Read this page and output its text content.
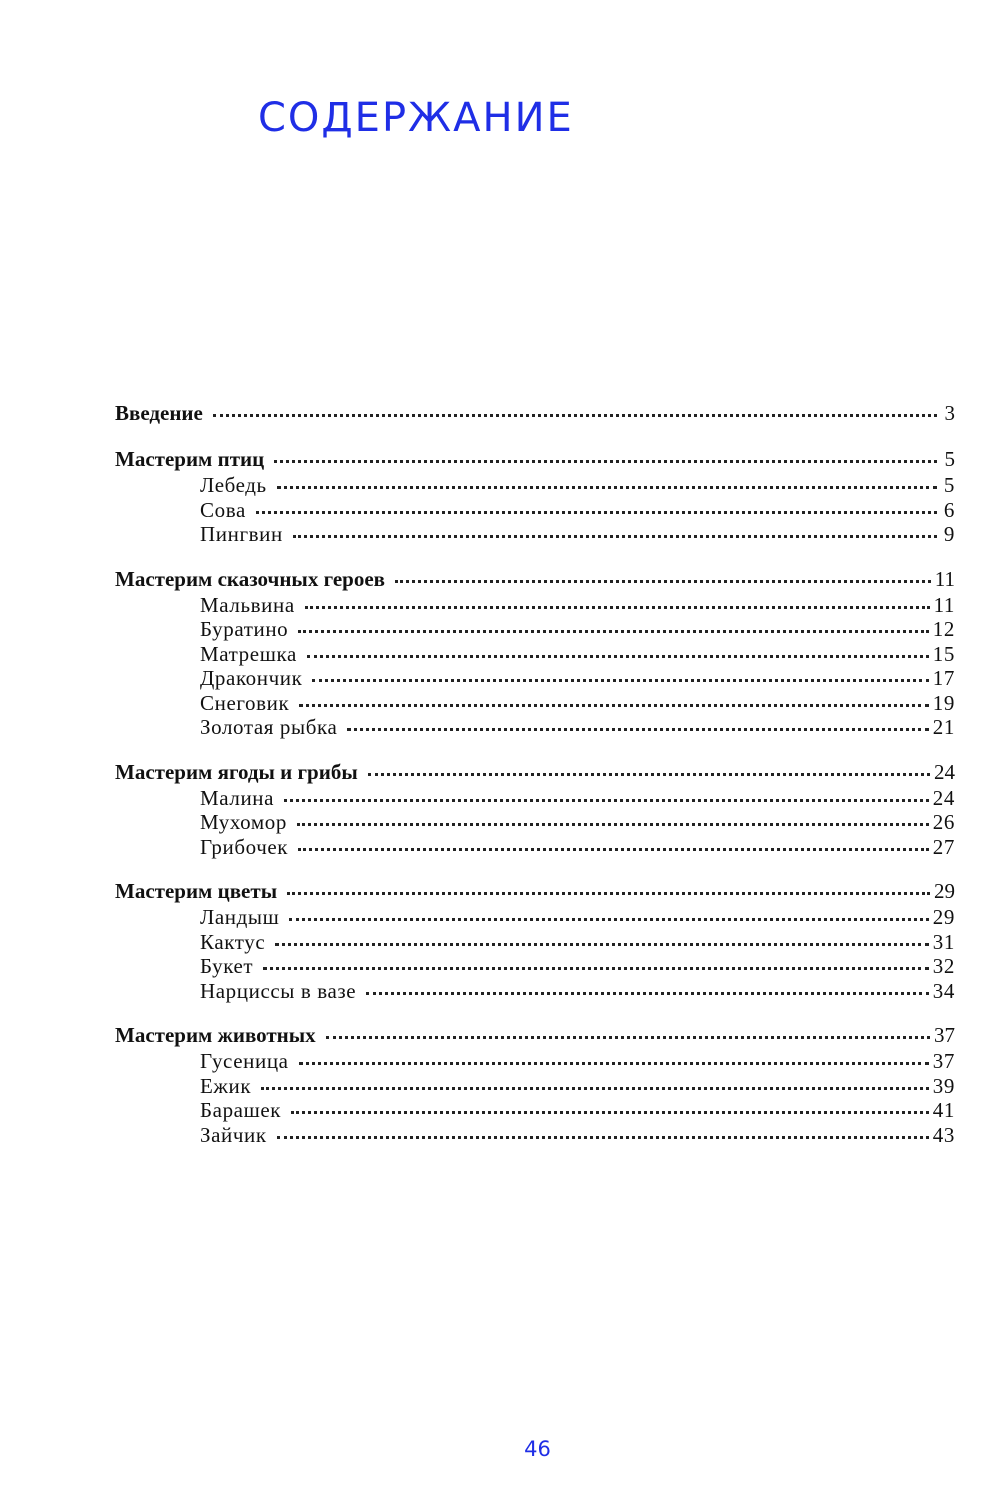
СОДЕРЖАНИЕ
Введение	3
Мастерим птиц	5
Лебедь	5
Сова	6
Пингвин	9
Мастерим сказочных героев	11
Мальвина	11
Буратино	12
Матрешка	15
Дракончик	17
Снеговик	19
Золотая рыбка	21
Мастерим ягоды и грибы	24
Малина	24
Мухомор	26
Грибочек	27
Мастерим цветы	29
Ландыш	29
Кактус	31
Букет	32
Нарциссы в вазе	34
Мастерим животных	37
Гусеница	37
Ежик	39
Барашек	41
Зайчик	43
46
